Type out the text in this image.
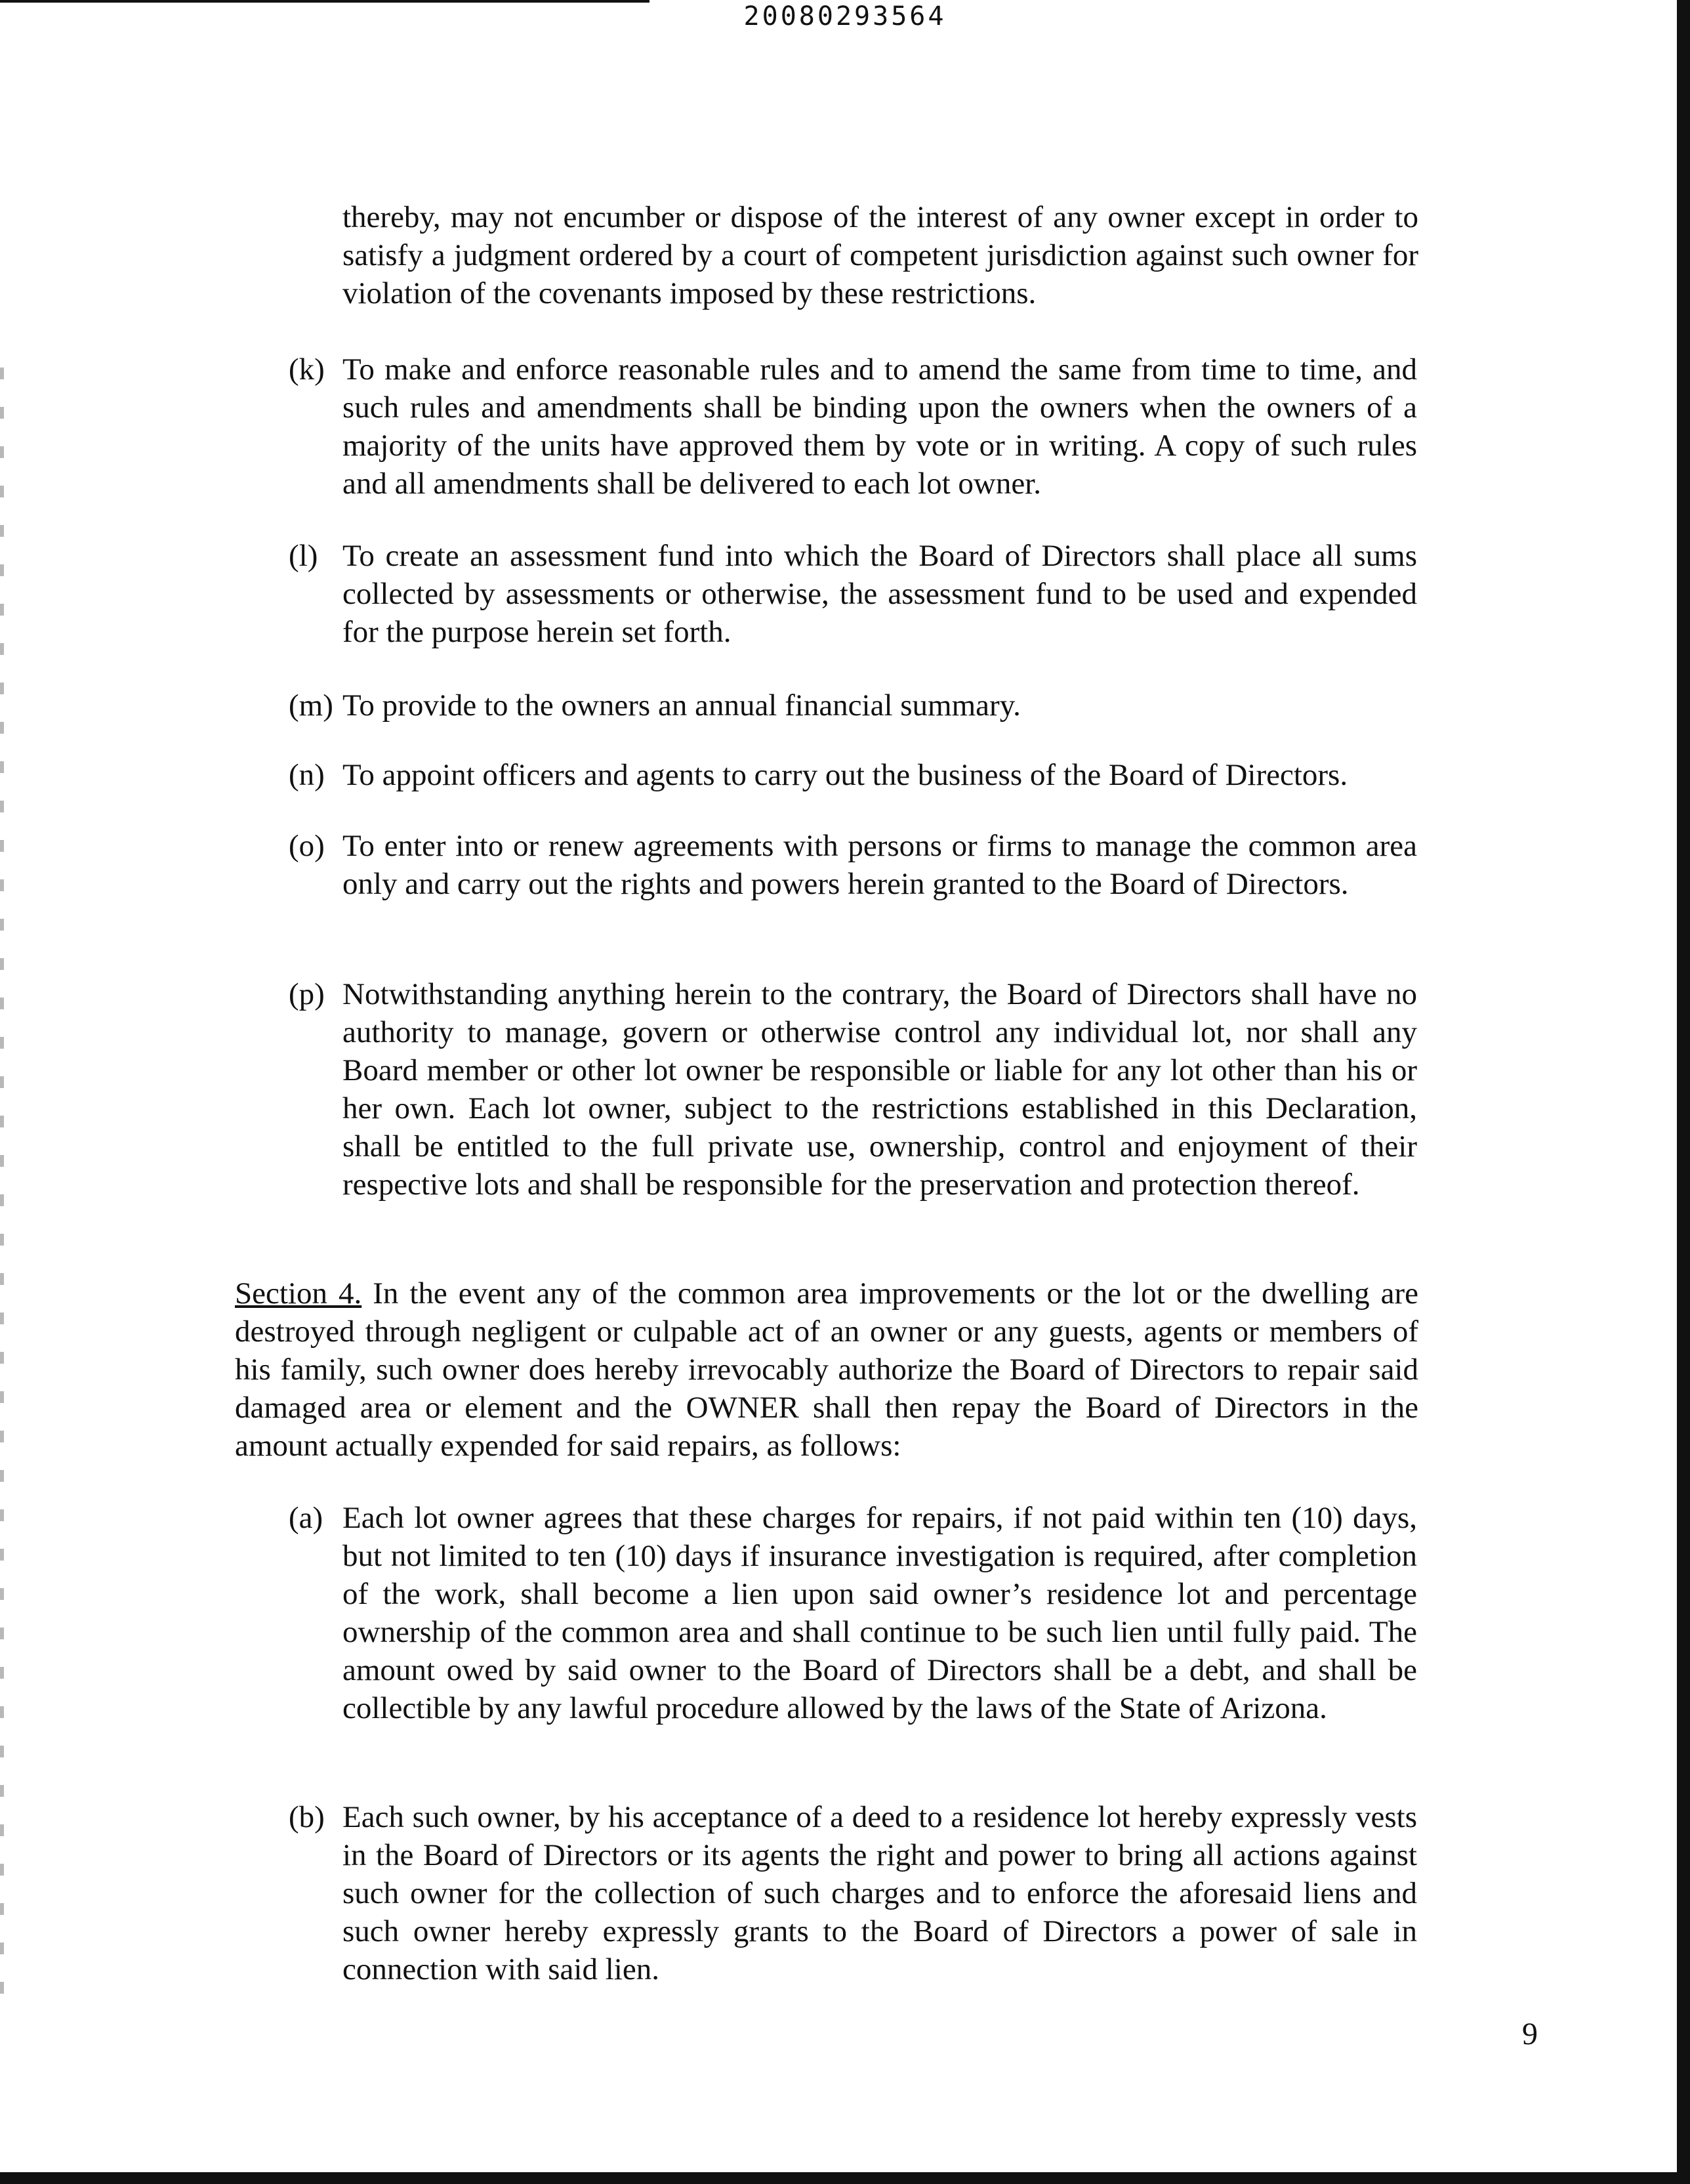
20080293564

thereby, may not encumber or dispose of the interest of any owner except in order to satisfy a judgment ordered by a court of competent jurisdiction against such owner for violation of the covenants imposed by these restrictions.

(k) To make and enforce reasonable rules and to amend the same from time to time, and such rules and amendments shall be binding upon the owners when the owners of a majority of the units have approved them by vote or in writing. A copy of such rules and all amendments shall be delivered to each lot owner.

(l) To create an assessment fund into which the Board of Directors shall place all sums collected by assessments or otherwise, the assessment fund to be used and expended for the purpose herein set forth.

(m) To provide to the owners an annual financial summary.

(n) To appoint officers and agents to carry out the business of the Board of Directors.

(o) To enter into or renew agreements with persons or firms to manage the common area only and carry out the rights and powers herein granted to the Board of Directors.

(p) Notwithstanding anything herein to the contrary, the Board of Directors shall have no authority to manage, govern or otherwise control any individual lot, nor shall any Board member or other lot owner be responsible or liable for any lot other than his or her own. Each lot owner, subject to the restrictions established in this Declaration, shall be entitled to the full private use, ownership, control and enjoyment of their respective lots and shall be responsible for the preservation and protection thereof.

Section 4. In the event any of the common area improvements or the lot or the dwelling are destroyed through negligent or culpable act of an owner or any guests, agents or members of his family, such owner does hereby irrevocably authorize the Board of Directors to repair said damaged area or element and the OWNER shall then repay the Board of Directors in the amount actually expended for said repairs, as follows:

(a) Each lot owner agrees that these charges for repairs, if not paid within ten (10) days, but not limited to ten (10) days if insurance investigation is required, after completion of the work, shall become a lien upon said owner’s residence lot and percentage ownership of the common area and shall continue to be such lien until fully paid. The amount owed by said owner to the Board of Directors shall be a debt, and shall be collectible by any lawful procedure allowed by the laws of the State of Arizona.

(b) Each such owner, by his acceptance of a deed to a residence lot hereby expressly vests in the Board of Directors or its agents the right and power to bring all actions against such owner for the collection of such charges and to enforce the aforesaid liens and such owner hereby expressly grants to the Board of Directors a power of sale in connection with said lien.

9
